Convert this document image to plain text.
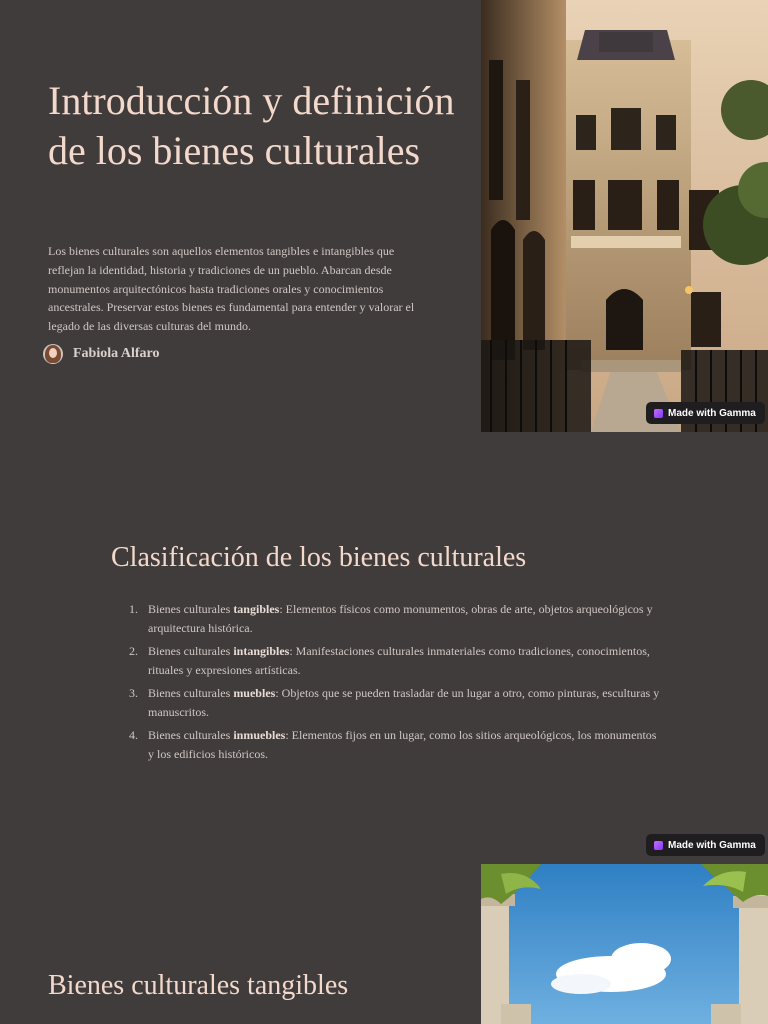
Introducción y definición de los bienes culturales

Los bienes culturales son aquellos elementos tangibles e intangibles que reflejan la identidad, historia y tradiciones de un pueblo. Abarcan desde monumentos arquitectónicos hasta tradiciones orales y conocimientos ancestrales. Preservar estos bienes es fundamental para entender y valorar el legado de las diversas culturas del mundo.

Fabiola Alfaro
Made with Gamma
Clasificación de los bienes culturales
1. Bienes culturales tangibles: Elementos físicos como monumentos, obras de arte, objetos arqueológicos y arquitectura histórica.
2. Bienes culturales intangibles: Manifestaciones culturales inmateriales como tradiciones, conocimientos, rituales y expresiones artísticas.
3. Bienes culturales muebles: Objetos que se pueden trasladar de un lugar a otro, como pinturas, esculturas y manuscritos.
4. Bienes culturales inmuebles: Elementos fijos en un lugar, como los sitios arqueológicos, los monumentos y los edificios históricos.
Made with Gamma
Bienes culturales tangibles
